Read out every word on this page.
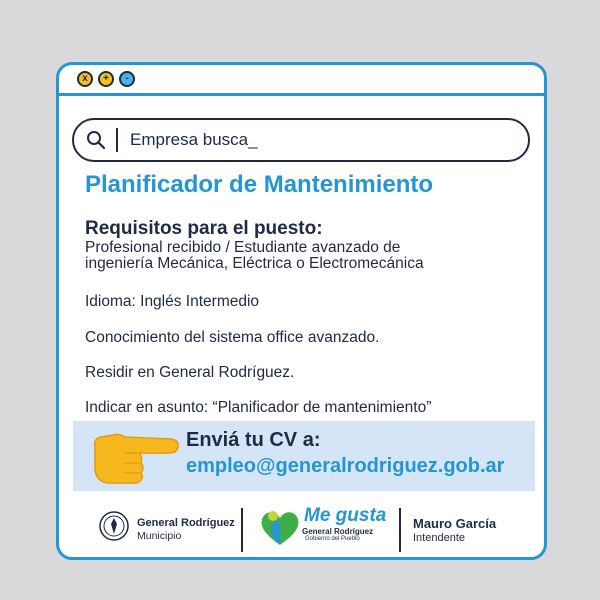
x	+	-
Empresa busca_
Planificador de Mantenimiento
Requisitos para el puesto:
Profesional recibido / Estudiante avanzado de
ingeniería Mecánica, Eléctrica o Electromecánica
Idioma: Inglés Intermedio
Conocimiento del sistema office avanzado.
Residir en General Rodríguez.
Indicar en asunto: “Planificador de mantenimiento”
Enviá tu CV a:
empleo@generalrodriguez.gob.ar
General Rodríguez
Municipio
Me gusta
General Rodríguez
Gobierno del Pueblo
Mauro García
Intendente
